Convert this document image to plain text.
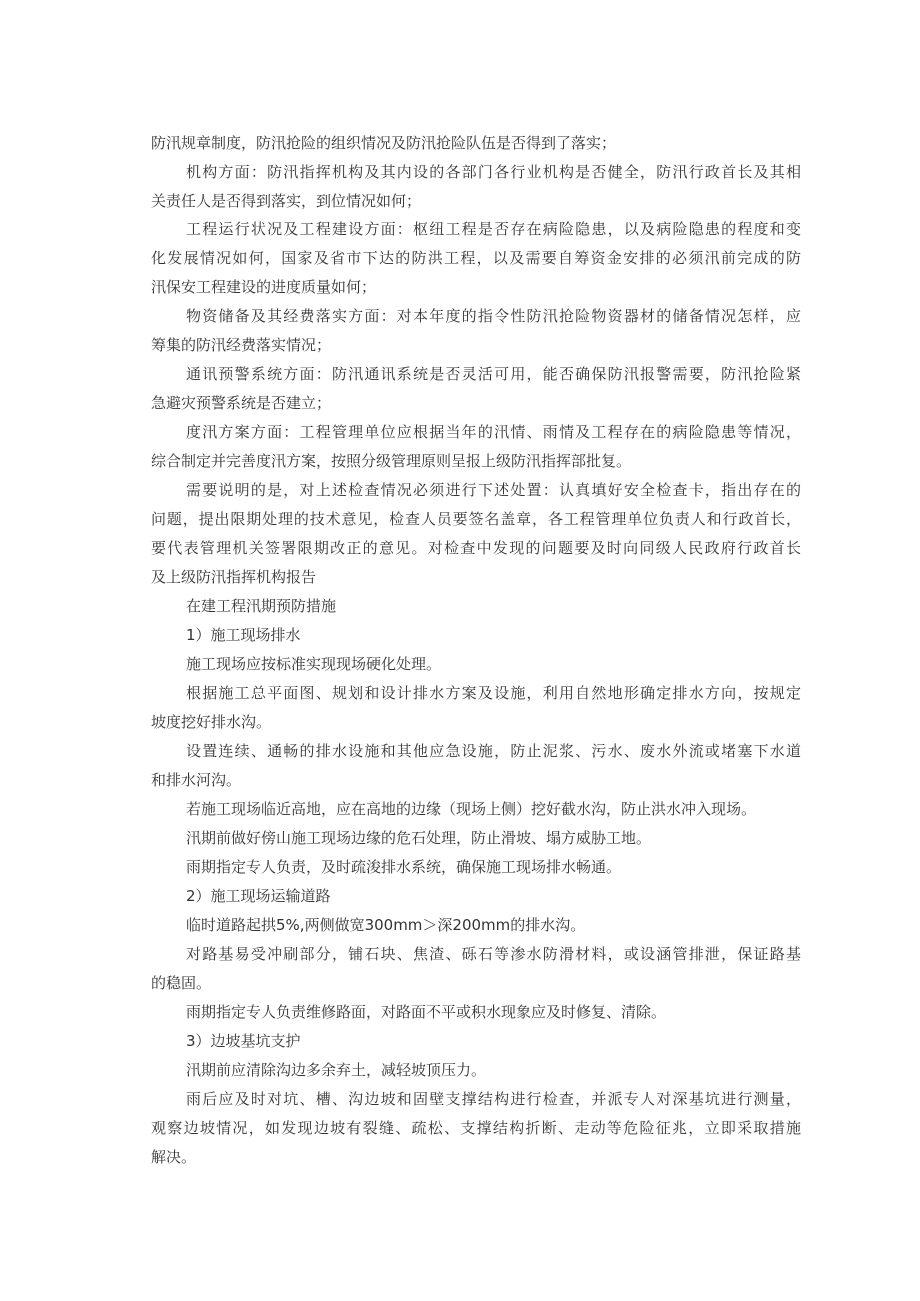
防汛规章制度，防汛抢险的组织情况及防汛抢险队伍是否得到了落实；
机构方面：防汛指挥机构及其内设的各部门各行业机构是否健全，防汛行政首长及其相
关责任人是否得到落实，到位情况如何；
工程运行状况及工程建设方面：枢纽工程是否存在病险隐患，以及病险隐患的程度和变
化发展情况如何，国家及省市下达的防洪工程，以及需要自筹资金安排的必须汛前完成的防
汛保安工程建设的进度质量如何；
物资储备及其经费落实方面：对本年度的指令性防汛抢险物资器材的储备情况怎样，应
筹集的防汛经费落实情况；
通讯预警系统方面：防汛通讯系统是否灵活可用，能否确保防汛报警需要，防汛抢险紧
急避灾预警系统是否建立；
度汛方案方面：工程管理单位应根据当年的汛情、雨情及工程存在的病险隐患等情况，
综合制定并完善度汛方案，按照分级管理原则呈报上级防汛指挥部批复。
需要说明的是，对上述检查情况必须进行下述处置：认真填好安全检查卡，指出存在的
问题，提出限期处理的技术意见，检查人员要签名盖章，各工程管理单位负责人和行政首长，
要代表管理机关签署限期改正的意见。对检查中发现的问题要及时向同级人民政府行政首长
及上级防汛指挥机构报告
在建工程汛期预防措施
1）施工现场排水
施工现场应按标准实现现场硬化处理。
根据施工总平面图、规划和设计排水方案及设施，利用自然地形确定排水方向，按规定
坡度挖好排水沟。
设置连续、通畅的排水设施和其他应急设施，防止泥浆、污水、废水外流或堵塞下水道
和排水河沟。
若施工现场临近高地，应在高地的边缘（现场上侧）挖好截水沟，防止洪水冲入现场。
汛期前做好傍山施工现场边缘的危石处理，防止滑坡、塌方威胁工地。
雨期指定专人负责，及时疏浚排水系统，确保施工现场排水畅通。
2）施工现场运输道路
临时道路起拱5%,两侧做宽300mm＞深200mm的排水沟。
对路基易受冲刷部分，铺石块、焦渣、砾石等渗水防滑材料，或设涵管排泄，保证路基
的稳固。
雨期指定专人负责维修路面，对路面不平或积水现象应及时修复、清除。
3）边坡基坑支护
汛期前应清除沟边多余弃土，减轻坡顶压力。
雨后应及时对坑、槽、沟边坡和固壁支撑结构进行检查，并派专人对深基坑进行测量，
观察边坡情况，如发现边坡有裂缝、疏松、支撑结构折断、走动等危险征兆，立即采取措施
解决。
